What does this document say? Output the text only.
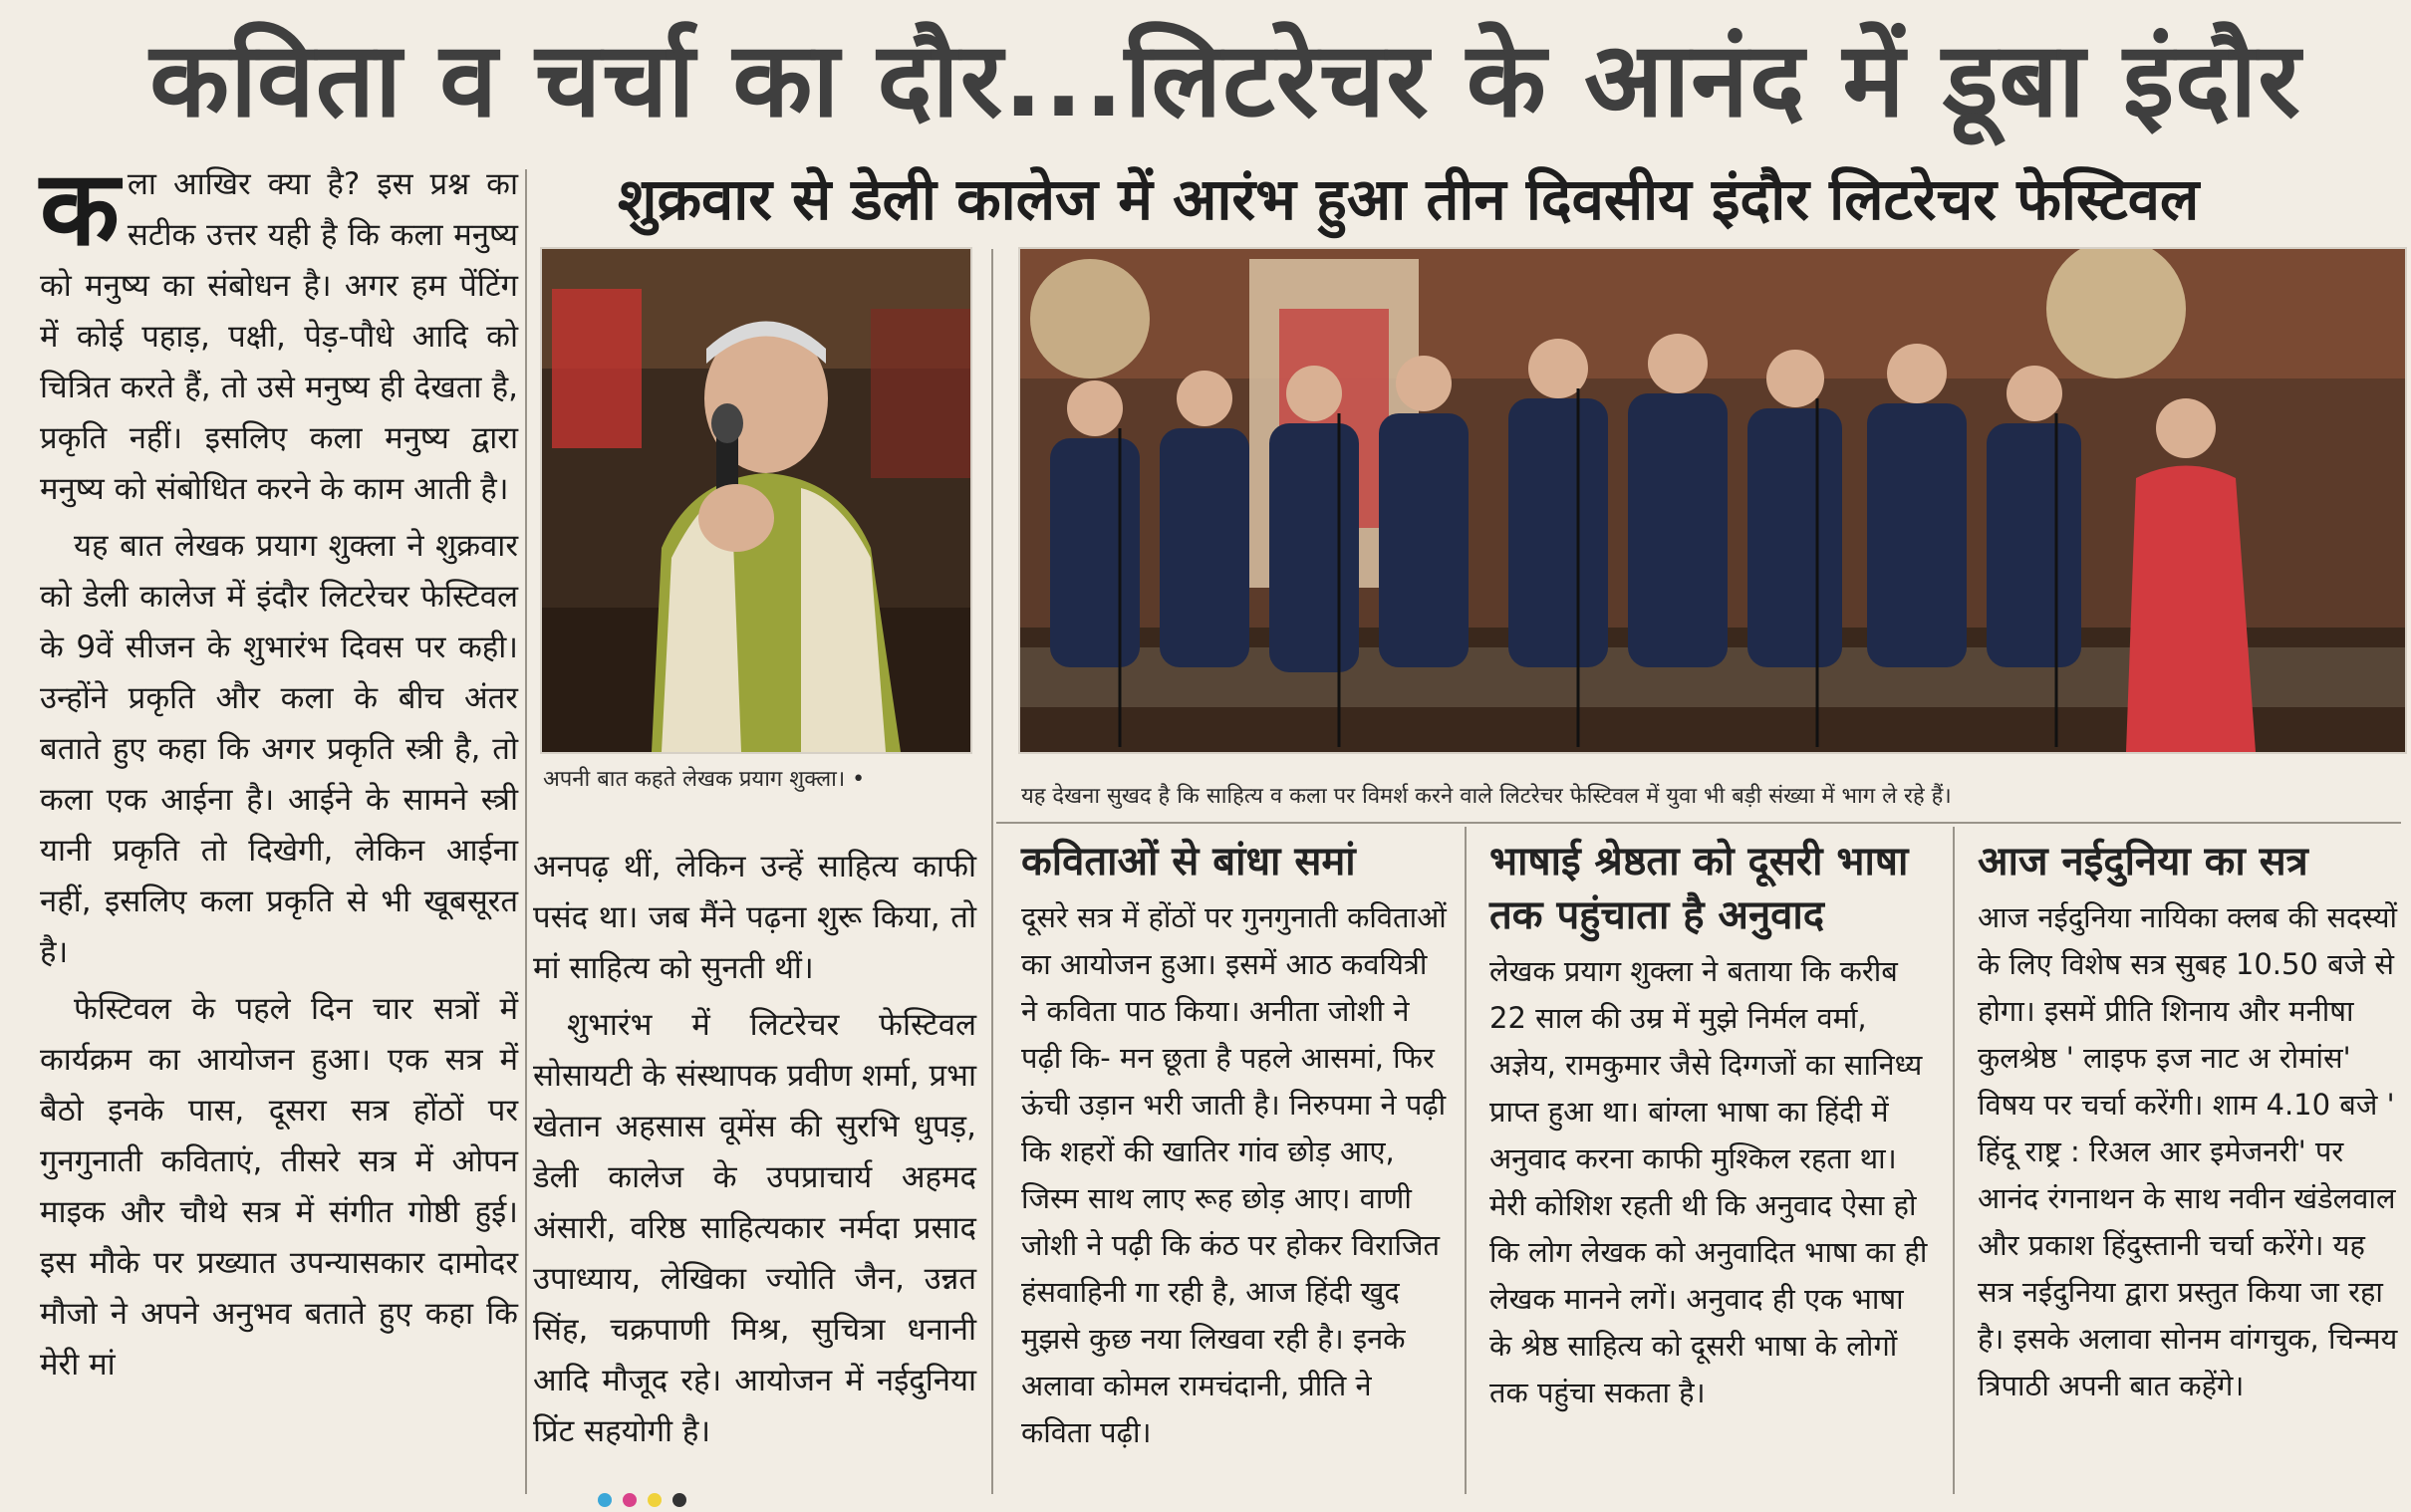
कविता व चर्चा का दौर...लिटरेचर के आनंद में डूबा इंदौर
शुक्रवार से डेली कालेज में आरंभ हुआ तीन दिवसीय इंदौर लिटरेचर फेस्टिवल

कला आखिर क्या है? इस प्रश्न का सटीक उत्तर यही है कि कला मनुष्य को मनुष्य का संबोधन है। अगर हम पेंटिंग में कोई पहाड़, पक्षी, पेड़-पौधे आदि को चित्रित करते हैं, तो उसे मनुष्य ही देखता है, प्रकृति नहीं। इसलिए कला मनुष्य द्वारा मनुष्य को संबोधित करने के काम आती है।

यह बात लेखक प्रयाग शुक्ला ने शुक्रवार को डेली कालेज में इंदौर लिटरेचर फेस्टिवल के 9वें सीजन के शुभारंभ दिवस पर कही। उन्होंने प्रकृति और कला के बीच अंतर बताते हुए कहा कि अगर प्रकृति स्त्री है, तो कला एक आईना है। आईने के सामने स्त्री यानी प्रकृति तो दिखेगी, लेकिन आईना नहीं, इसलिए कला प्रकृति से भी खूबसूरत है।

फेस्टिवल के पहले दिन चार सत्रों में कार्यक्रम का आयोजन हुआ। एक सत्र में बैठो इनके पास, दूसरा सत्र होंठों पर गुनगुनाती कविताएं, तीसरे सत्र में ओपन माइक और चौथे सत्र में संगीत गोष्ठी हुई। इस मौके पर प्रख्यात उपन्यासकार दामोदर मौजो ने अपने अनुभव बताते हुए कहा कि मेरी मां

अपनी बात कहते लेखक प्रयाग शुक्ला। •
यह देखना सुखद है कि साहित्य व कला पर विमर्श करने वाले लिटरेचर फेस्टिवल में युवा भी बड़ी संख्या में भाग ले रहे हैं।

अनपढ़ थीं, लेकिन उन्हें साहित्य काफी पसंद था। जब मैंने पढ़ना शुरू किया, तो मां साहित्य को सुनती थीं।

शुभारंभ में लिटरेचर फेस्टिवल सोसायटी के संस्थापक प्रवीण शर्मा, प्रभा खेतान अहसास वूमेंस की सुरभि धुपड़, डेली कालेज के उपप्राचार्य अहमद अंसारी, वरिष्ठ साहित्यकार नर्मदा प्रसाद उपाध्याय, लेखिका ज्योति जैन, उन्नत सिंह, चक्रपाणी मिश्र, सुचित्रा धनानी आदि मौजूद रहे। आयोजन में नईदुनिया प्रिंट सहयोगी है।

कविताओं से बांधा समां

दूसरे सत्र में होंठों पर गुनगुनाती कविताओं का आयोजन हुआ। इसमें आठ कवयित्री ने कविता पाठ किया। अनीता जोशी ने पढ़ी कि- मन छूता है पहले आसमां, फिर ऊंची उड़ान भरी जाती है। निरुपमा ने पढ़ी कि शहरों की खातिर गांव छोड़ आए, जिस्म साथ लाए रूह छोड़ आए। वाणी जोशी ने पढ़ी कि कंठ पर होकर विराजित हंसवाहिनी गा रही है, आज हिंदी खुद मुझसे कुछ नया लिखवा रही है। इनके अलावा कोमल रामचंदानी, प्रीति ने कविता पढ़ी।

भाषाई श्रेष्ठता को दूसरी भाषा तक पहुंचाता है अनुवाद

लेखक प्रयाग शुक्ला ने बताया कि करीब 22 साल की उम्र में मुझे निर्मल वर्मा, अज्ञेय, रामकुमार जैसे दिग्गजों का सानिध्य प्राप्त हुआ था। बांग्ला भाषा का हिंदी में अनुवाद करना काफी मुश्किल रहता था। मेरी कोशिश रहती थी कि अनुवाद ऐसा हो कि लोग लेखक को अनुवादित भाषा का ही लेखक मानने लगें। अनुवाद ही एक भाषा के श्रेष्ठ साहित्य को दूसरी भाषा के लोगों तक पहुंचा सकता है।

आज नईदुनिया का सत्र

आज नईदुनिया नायिका क्लब की सदस्यों के लिए विशेष सत्र सुबह 10.50 बजे से होगा। इसमें प्रीति शिनाय और मनीषा कुलश्रेष्ठ ' लाइफ इज नाट अ रोमांस' विषय पर चर्चा करेंगी। शाम 4.10 बजे ' हिंदू राष्ट्र : रिअल आर इमेजनरी' पर आनंद रंगनाथन के साथ नवीन खंडेलवाल और प्रकाश हिंदुस्तानी चर्चा करेंगे। यह सत्र नईदुनिया द्वारा प्रस्तुत किया जा रहा है। इसके अलावा सोनम वांगचुक, चिन्मय त्रिपाठी अपनी बात कहेंगे।
